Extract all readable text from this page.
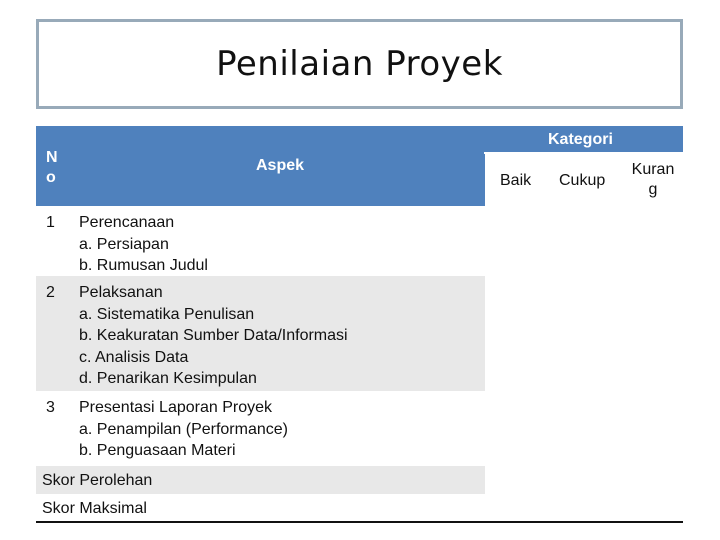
Penilaian Proyek
N
o
Aspek
Kategori
Baik Cukup
Kuran
g
1 Perencanaan
a. Persiapan
b. Rumusan Judul
2 Pelaksanan
a. Sistematika Penulisan
b. Keakuratan Sumber Data/Informasi
c. Analisis Data
d. Penarikan Kesimpulan
3 Presentasi Laporan Proyek
a. Penampilan (Performance)
b. Penguasaan Materi
Skor Perolehan
Skor Maksimal
